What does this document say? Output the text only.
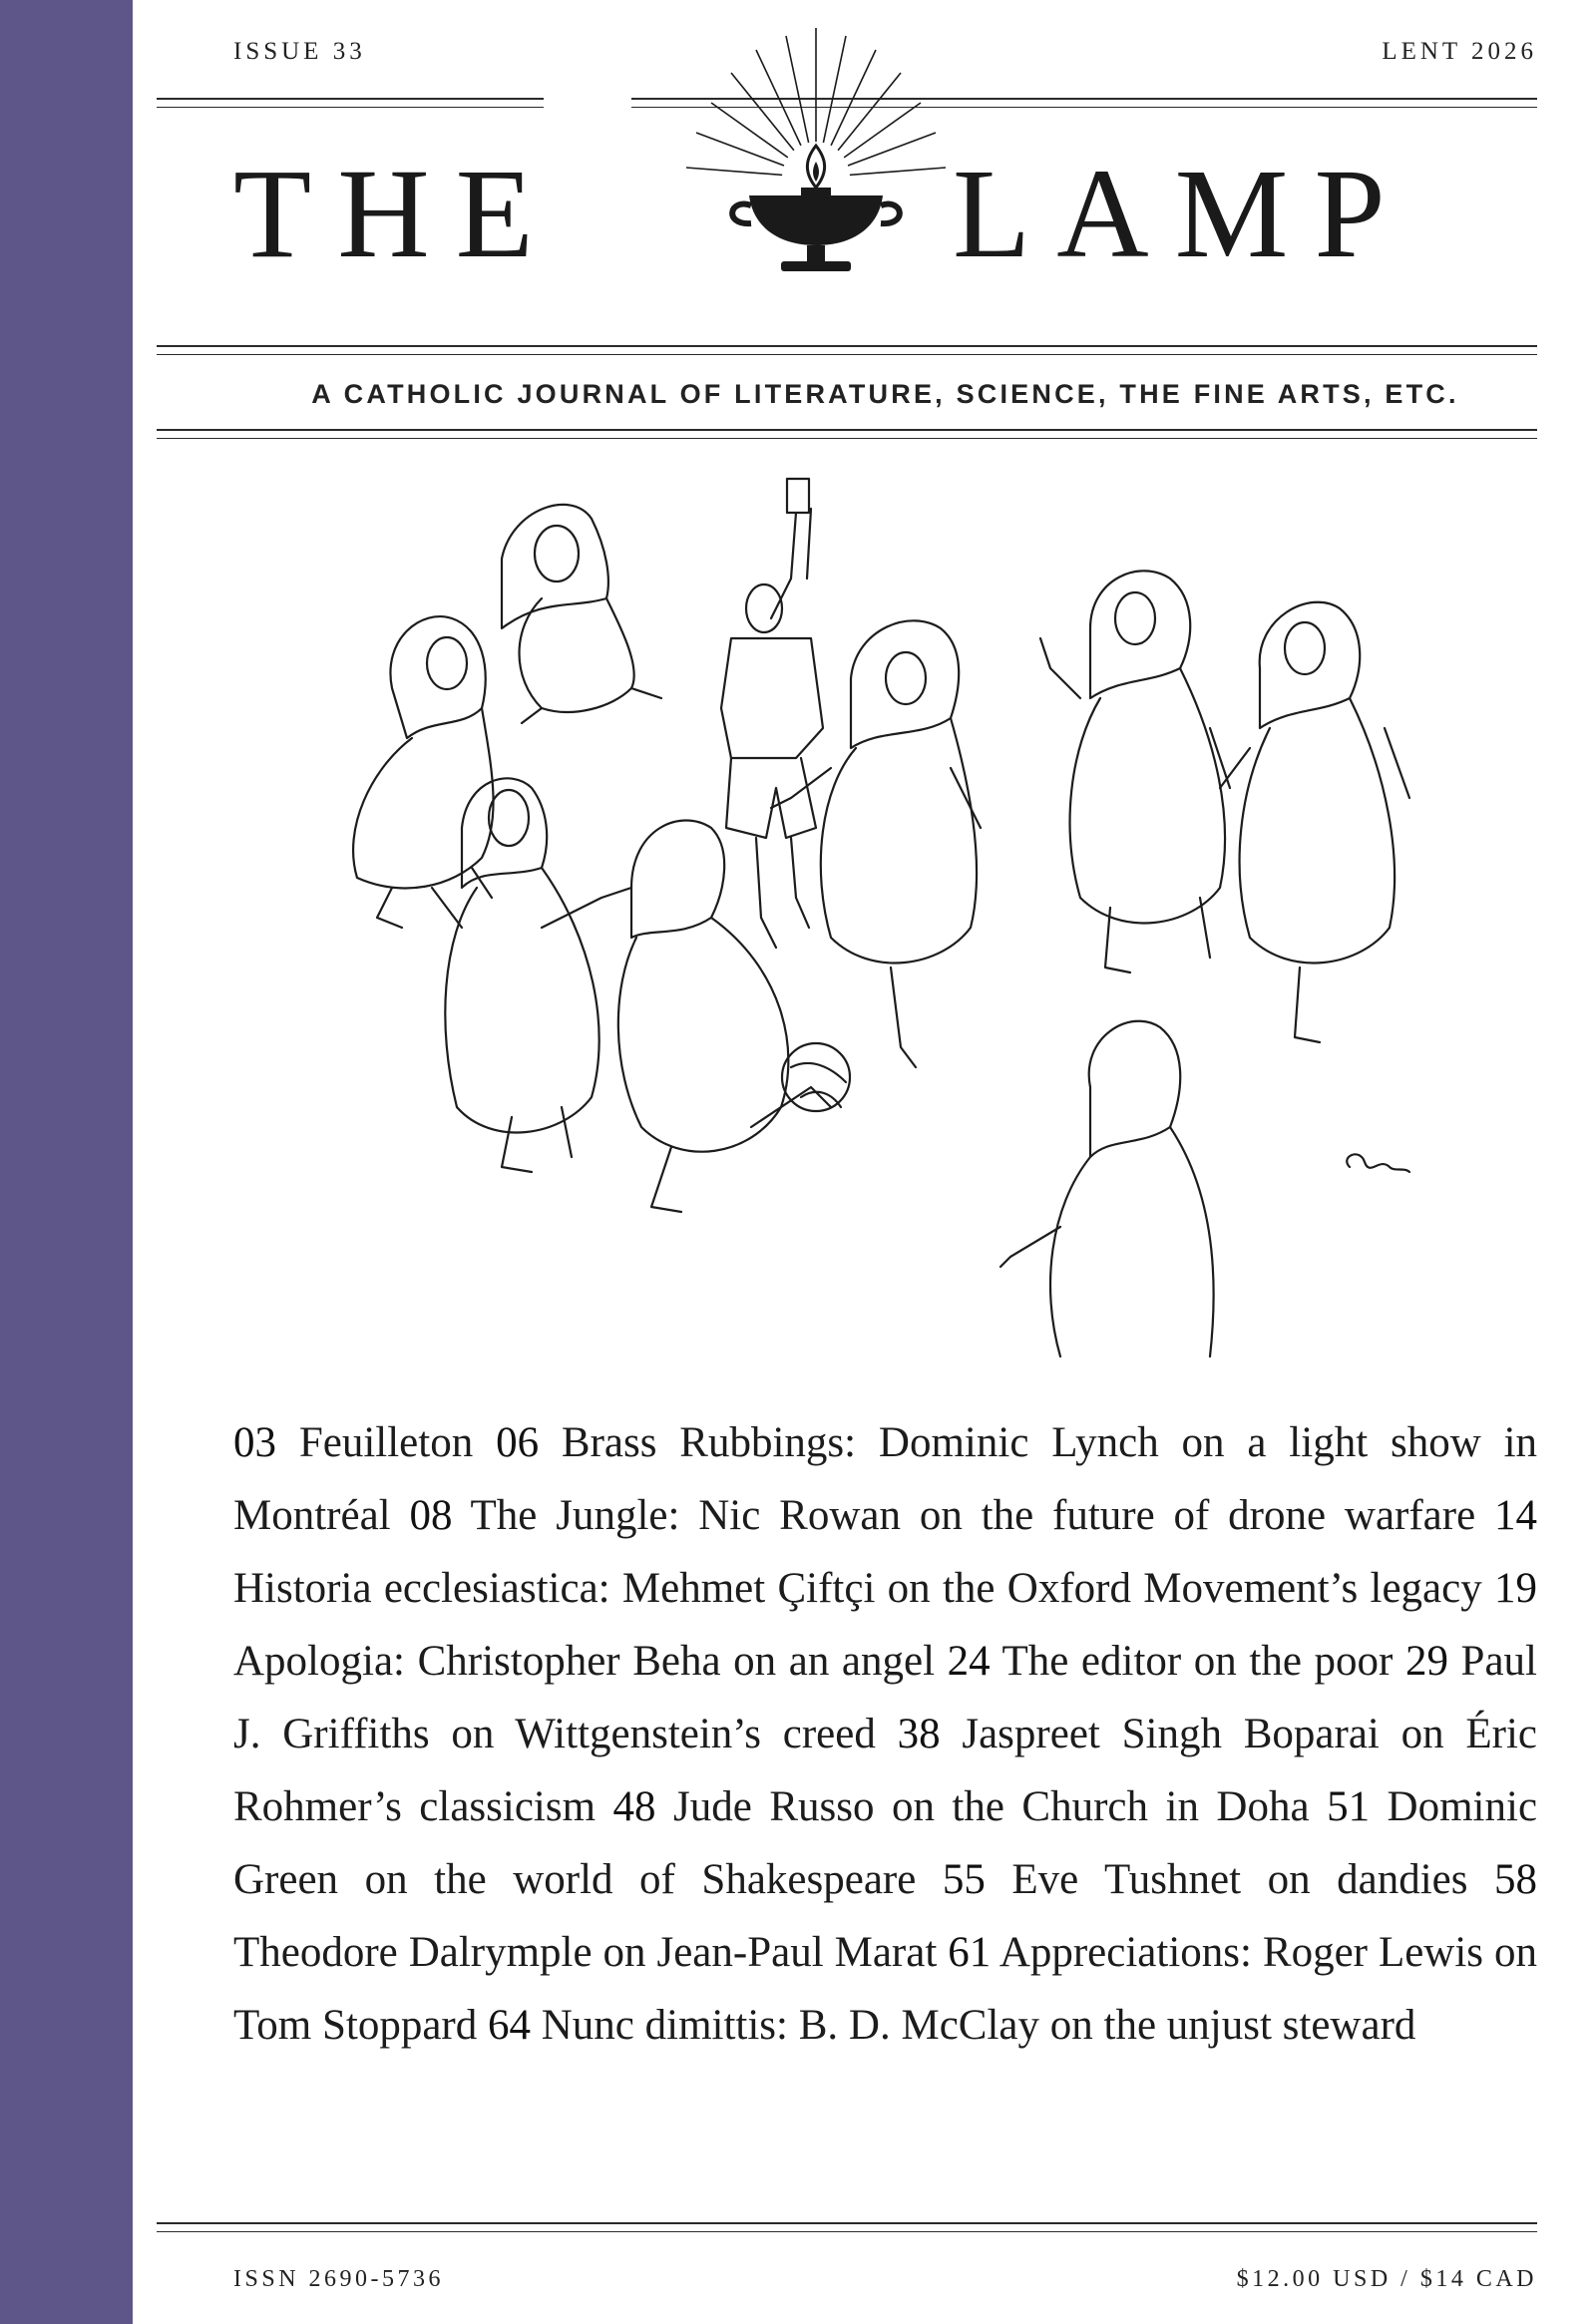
ISSUE 33	LENT 2026
THE	LAMP
A CATHOLIC JOURNAL OF LITERATURE, SCIENCE, THE FINE ARTS, ETC.
03 Feuilleton 06 Brass Rubbings: Dominic Lynch on a light show in Montréal 08 The Jungle: Nic Rowan on the future of drone warfare 14 Historia ecclesiastica: Mehmet Çiftçi on the Oxford Movement’s legacy 19 Apologia: Christopher Beha on an angel 24 The editor on the poor 29 Paul J. Griffiths on Wittgenstein’s creed 38 Jaspreet Singh Boparai on Éric Rohmer’s classicism 48 Jude Russo on the Church in Doha 51 Dominic Green on the world of Shakespeare 55 Eve Tushnet on dandies 58 Theodore Dalrymple on Jean-Paul Marat 61 Appreciations: Roger Lewis on Tom Stoppard 64 Nunc dimittis: B. D. McClay on the unjust steward
ISSN 2690-5736	$12.00 USD / $14 CAD
